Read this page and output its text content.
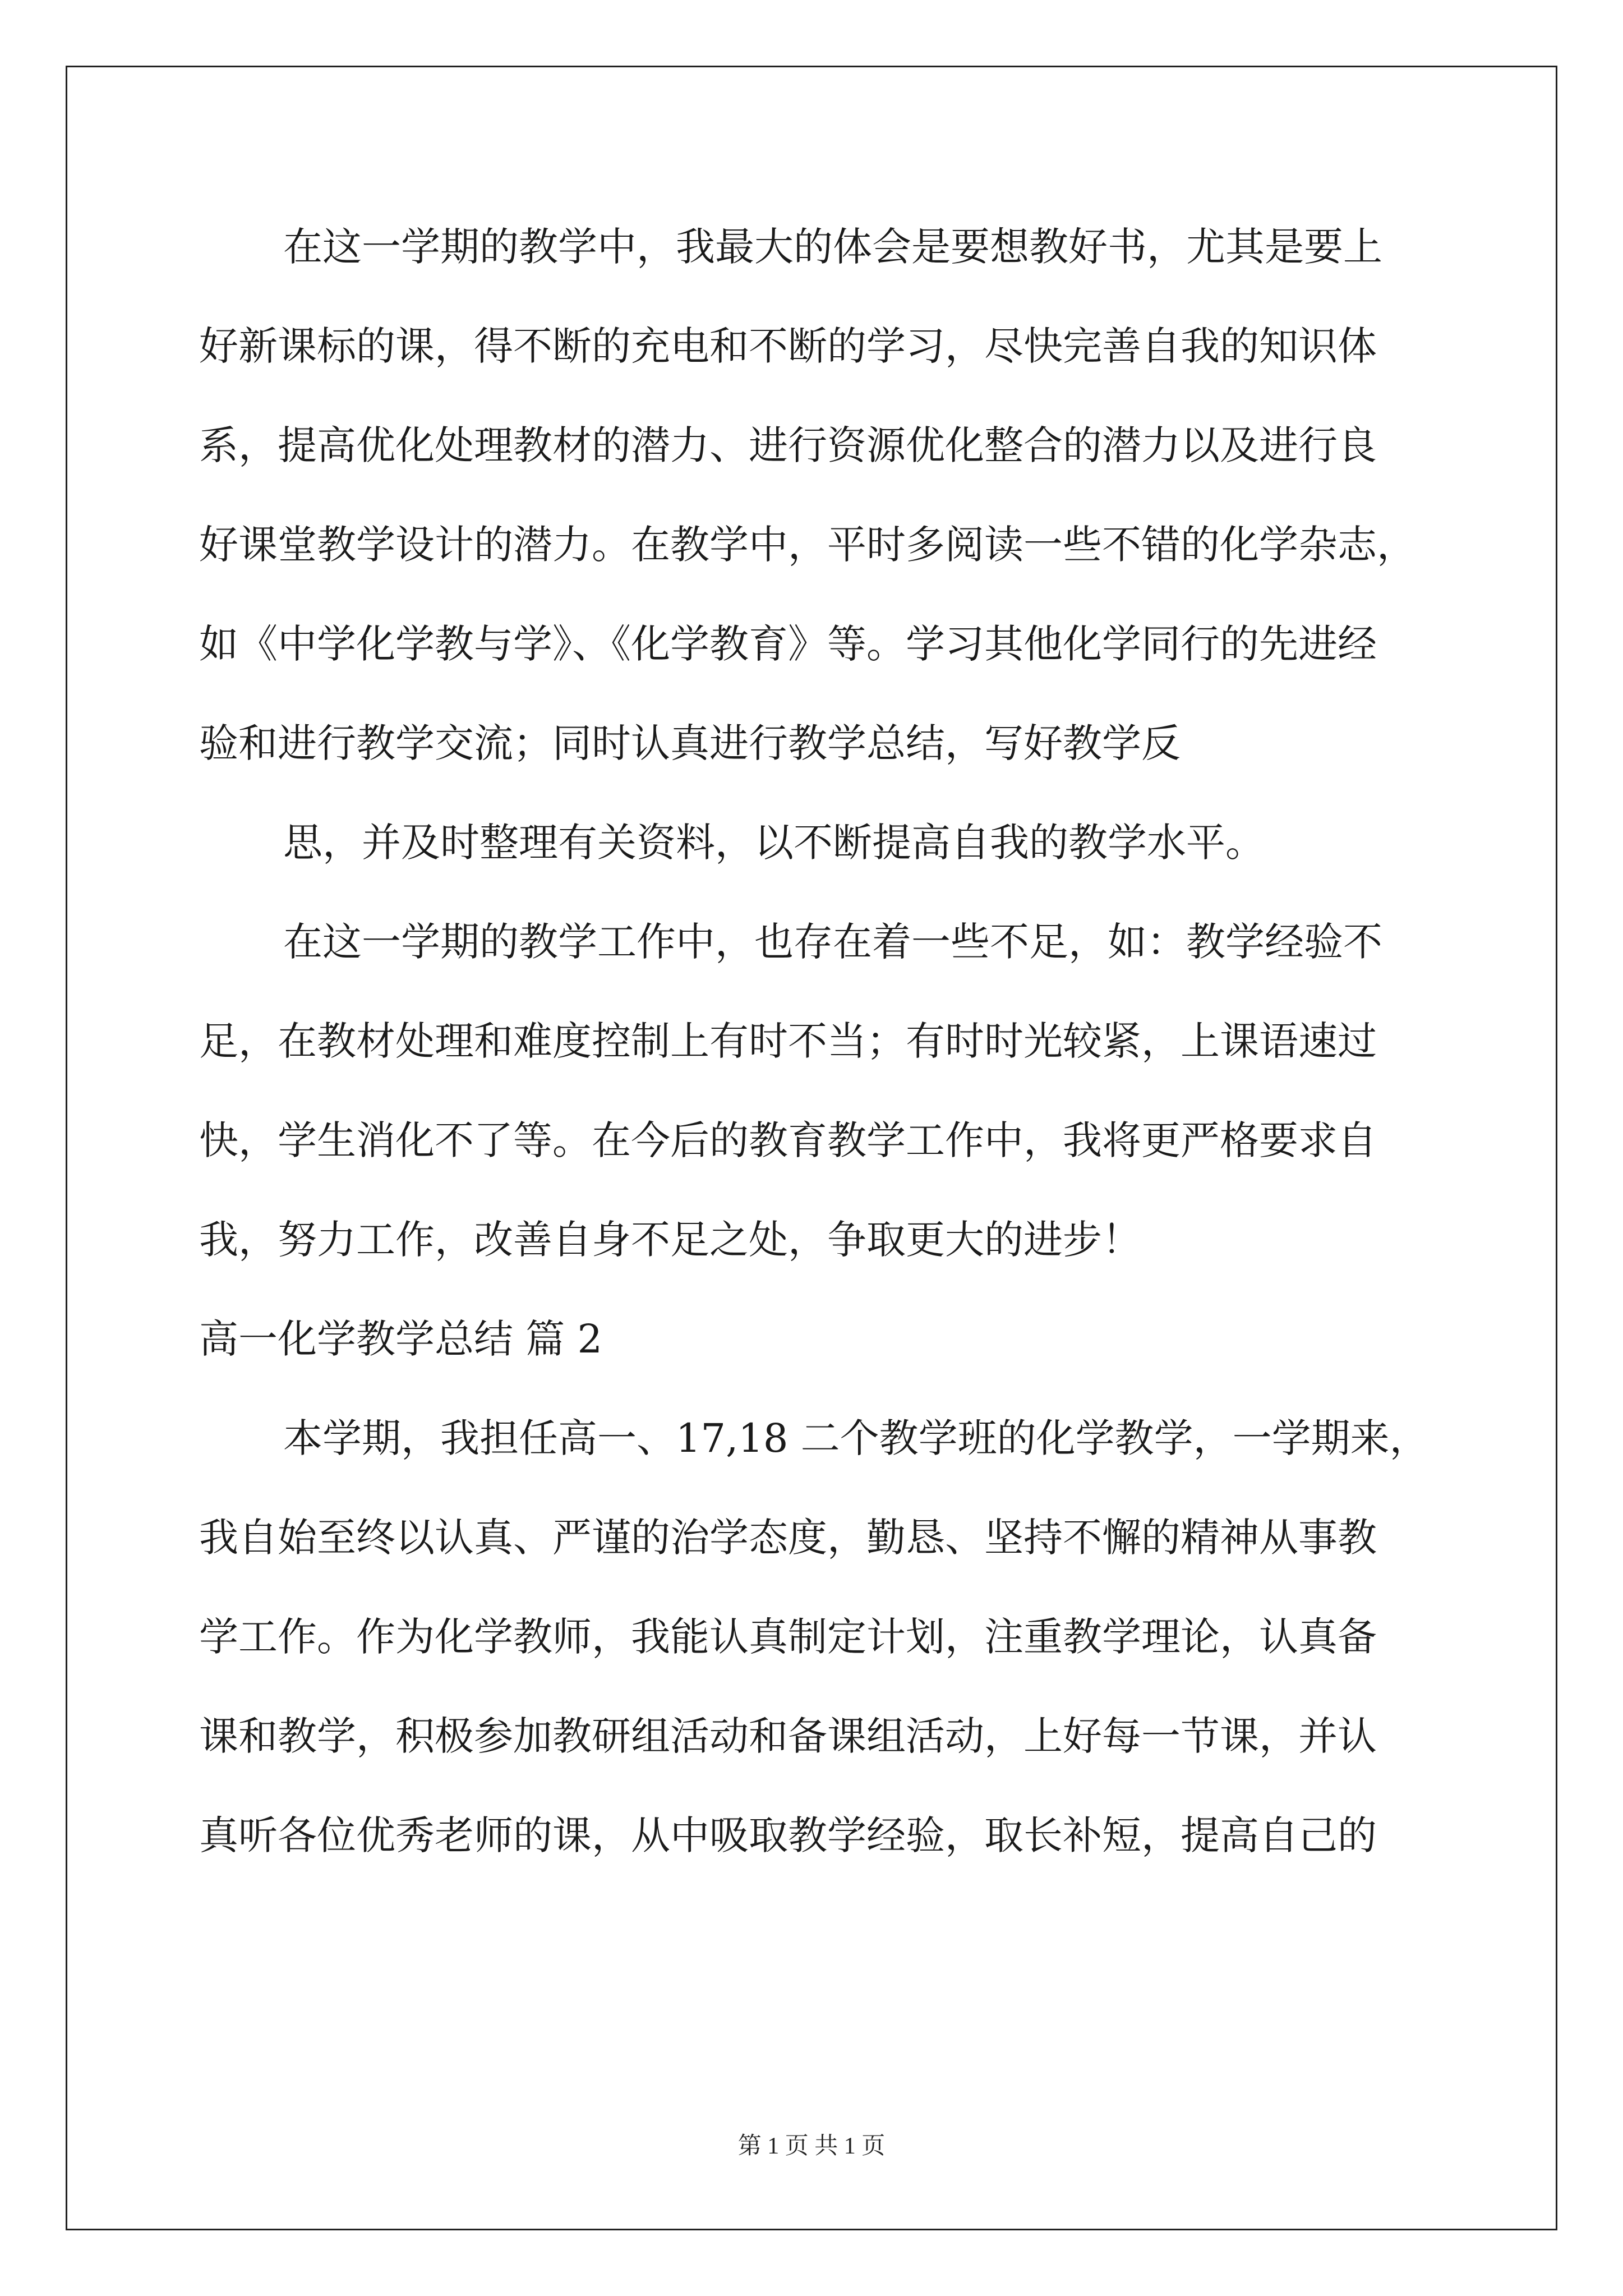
在这一学期的教学中，我最大的体会是要想教好书，尤其是要上
好新课标的课，得不断的充电和不断的学习，尽快完善自我的知识体
系，提高优化处理教材的潜力、进行资源优化整合的潜力以及进行良
好课堂教学设计的潜力。在教学中，平时多阅读一些不错的化学杂志，
如《中学化学教与学》、《化学教育》等。学习其他化学同行的先进经
验和进行教学交流；同时认真进行教学总结，写好教学反
思，并及时整理有关资料，以不断提高自我的教学水平。
在这一学期的教学工作中，也存在着一些不足，如：教学经验不
足，在教材处理和难度控制上有时不当；有时时光较紧，上课语速过
快，学生消化不了等。在今后的教育教学工作中，我将更严格要求自
我，努力工作，改善自身不足之处，争取更大的进步！
高一化学教学总结 篇 2
本学期，我担任高一、17,18 二个教学班的化学教学，一学期来，
我自始至终以认真、严谨的治学态度，勤恳、坚持不懈的精神从事教
学工作。作为化学教师，我能认真制定计划，注重教学理论，认真备
课和教学，积极参加教研组活动和备课组活动，上好每一节课，并认
真听各位优秀老师的课，从中吸取教学经验，取长补短，提高自己的
第 1 页 共 1 页
